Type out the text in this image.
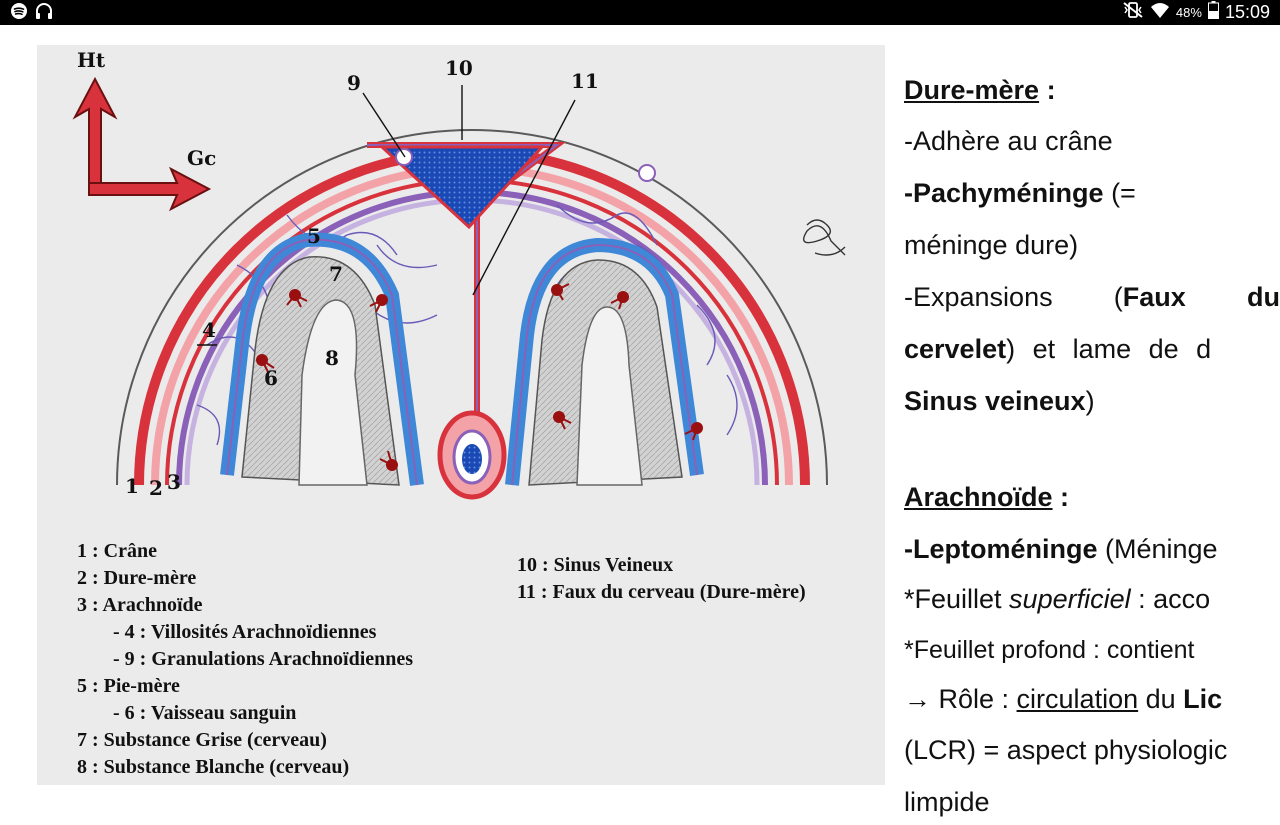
48% 15:09
Ht
Gc
9
10
11
5
7
4
8
6
1 2 3
1 : Crâne
2 : Dure-mère
3 : Arachnoïde
- 4 : Villosités Arachnoïdiennes
- 9 : Granulations Arachnoïdiennes
5 : Pie-mère
- 6 : Vaisseau sanguin
7 : Substance Grise (cerveau)
8 : Substance Blanche (cerveau)
10 : Sinus Veineux
11 : Faux du cerveau (Dure-mère)
Dure-mère :
-Adhère au crâne
-Pachyméninge (=
méninge dure)
-Expansions (Faux du
cervelet) et lame de d
Sinus veineux)
Arachnoïde :
-Leptoméninge (Méninge
*Feuillet superficiel : acco
*Feuillet profond : contient
→ Rôle : circulation du Lic
(LCR) = aspect physiologic
limpide
